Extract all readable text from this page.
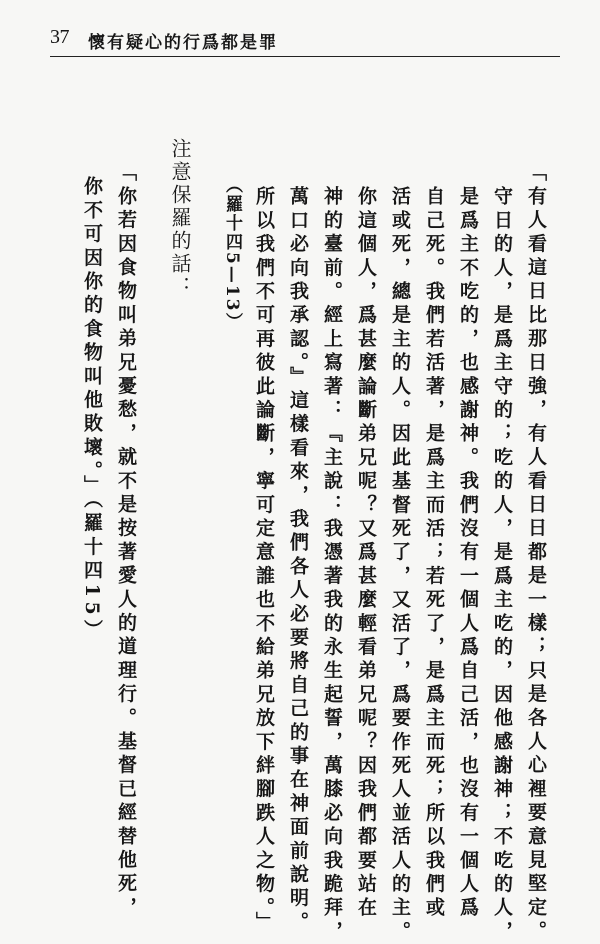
37 懷有疑心的行爲都是罪
「有人看這日比那日強，有人看日日都是一樣；只是各人心裡要意見堅定。
守日的人，是爲主守的；吃的人，是爲主吃的，因他感謝神；不吃的人，
是爲主不吃的，也感謝神。我們沒有一個人爲自己活，也沒有一個人爲
自己死。我們若活著，是爲主而活；若死了，是爲主而死；所以我們或
活或死，總是主的人。因此基督死了，又活了，爲要作死人並活人的主。
你這個人，爲甚麼論斷弟兄呢？又爲甚麼輕看弟兄呢？因我們都要站在
神的臺前。經上寫著：『主說：我憑著我的永生起誓，萬膝必向我跪拜，
萬口必向我承認。』這樣看來，我們各人必要將自己的事在神面前說明。
所以我們不可再彼此論斷，寧可定意誰也不給弟兄放下絆腳跌人之物。」
（羅十四5—13）
注意保羅的話：
「你若因食物叫弟兄憂愁，就不是按著愛人的道理行。基督已經替他死，
你不可因你的食物叫他敗壞。」（羅十四15）
